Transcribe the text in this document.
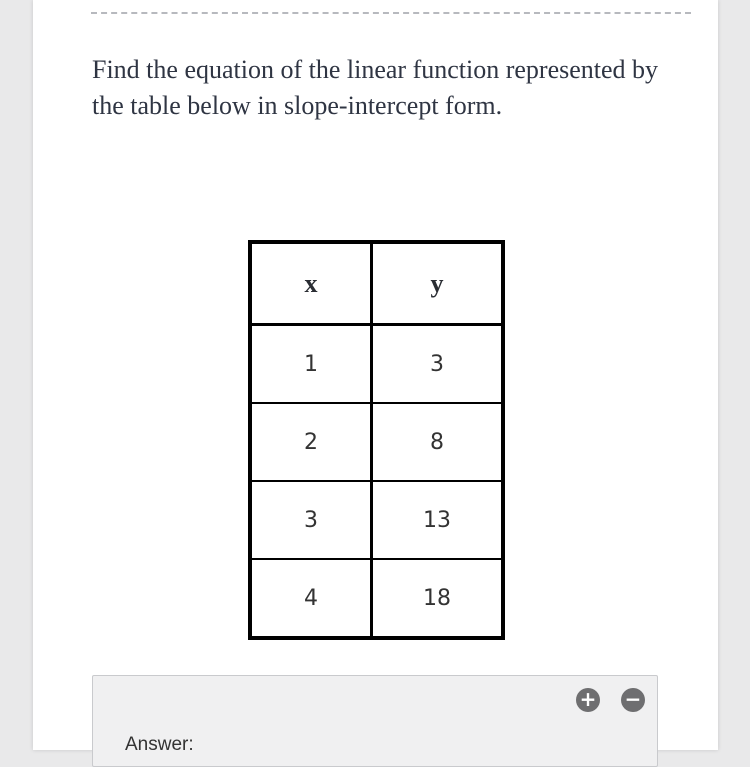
Find the equation of the linear function represented by the table below in slope-intercept form.
x	y
1	3
2	8
3	13
4	18
+ −
Answer:
